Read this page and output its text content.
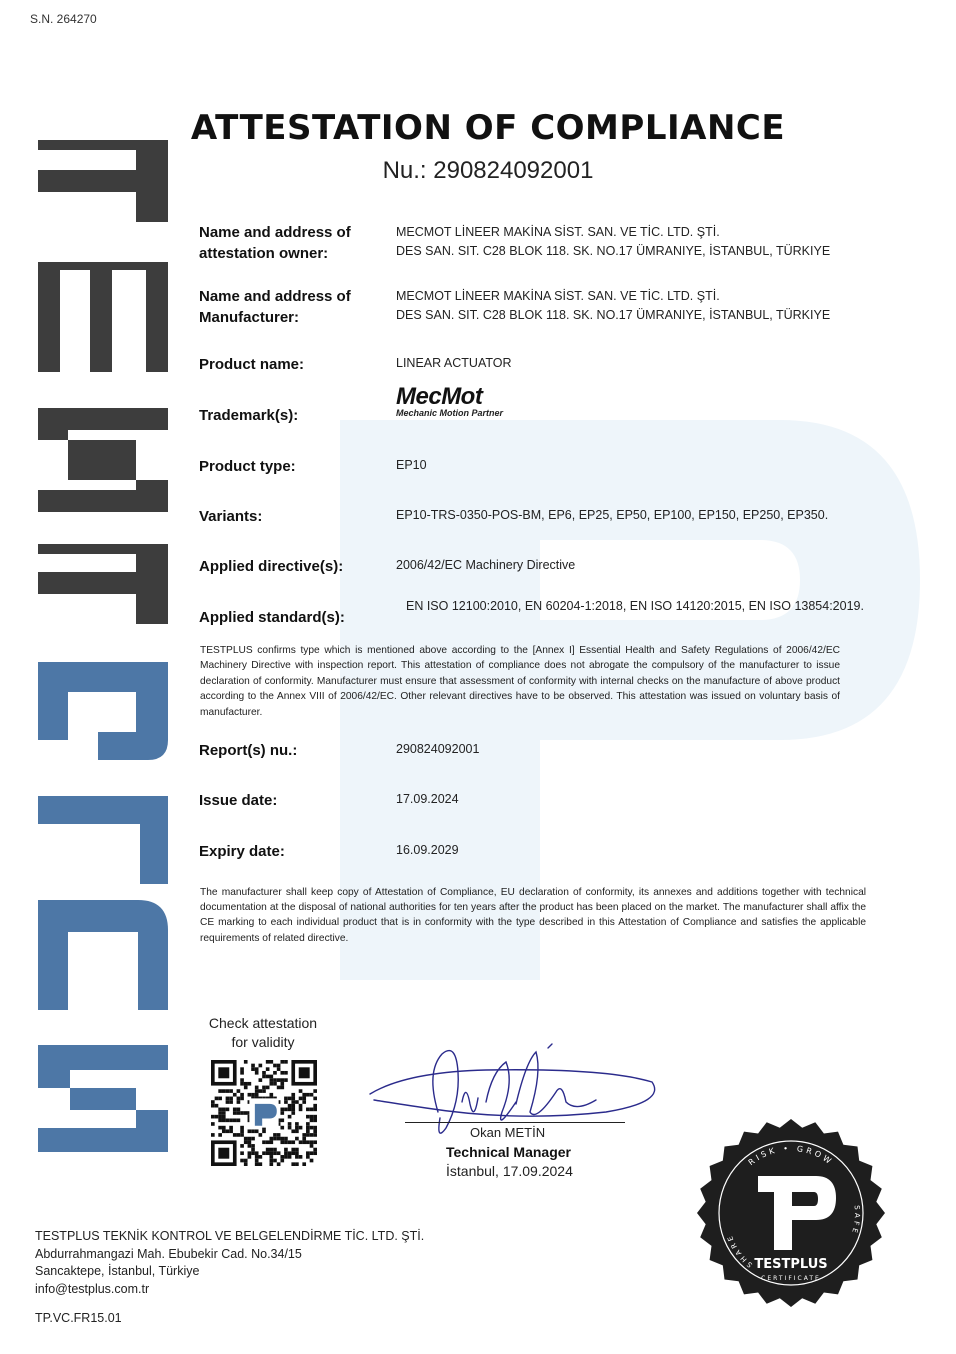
S.N. 264270
ATTESTATION OF COMPLIANCE
Nu.: 290824092001
Name and address of
attestation owner:
MECMOT LİNEER MAKİNA SİST. SAN. VE TİC. LTD. ŞTİ.
DES SAN. SIT. C28 BLOK 118. SK. NO.17 ÜMRANIYE, İSTANBUL, TÜRKIYE
Name and address of
Manufacturer:
MECMOT LİNEER MAKİNA SİST. SAN. VE TİC. LTD. ŞTİ.
DES SAN. SIT. C28 BLOK 118. SK. NO.17 ÜMRANIYE, İSTANBUL, TÜRKIYE
Product name:	LINEAR ACTUATOR
Trademark(s):
MecMot
Mechanic Motion Partner
Product type:	EP10
Variants:	EP10-TRS-0350-POS-BM, EP6, EP25, EP50, EP100, EP150, EP250, EP350.
Applied directive(s):	2006/42/EC Machinery Directive
Applied standard(s):
EN ISO 12100:2010, EN 60204-1:2018, EN ISO 14120:2015, EN ISO 13854:2019.
TESTPLUS confirms type which is mentioned above according to the [Annex I] Essential Health and Safety Regulations of 2006/42/EC Machinery Directive with inspection report. This attestation of compliance does not abrogate the compulsory of the manufacturer to issue declaration of conformity. Manufacturer must ensure that assessment of conformity with internal checks on the manufacture of above product according to the Annex VIII of 2006/42/EC. Other relevant directives have to be observed. This attestation was issued on voluntary basis of manufacturer.
Report(s) nu.:	290824092001
Issue date:	17.09.2024
Expiry date:	16.09.2029
The manufacturer shall keep copy of Attestation of Compliance, EU declaration of conformity, its annexes and additions together with technical documentation at the disposal of national authorities for ten years after the product has been placed on the market. The manufacturer shall affix the CE marking to each individual product that is in conformity with the type described in this Attestation of Compliance and satisfies the applicable requirements of related directive.
Check attestation
for validity
Okan METİN
Technical Manager
İstanbul, 17.09.2024
RISK • GROW
SHARE
SAFE
TESTPLUS
CERTIFICATE
TESTPLUS TEKNİK KONTROL VE BELGELENDİRME TİC. LTD. ŞTİ.
Abdurrahmangazi Mah. Ebubekir Cad. No.34/15
Sancaktepe, İstanbul, Türkiye
info@testplus.com.tr
TP.VC.FR15.01
